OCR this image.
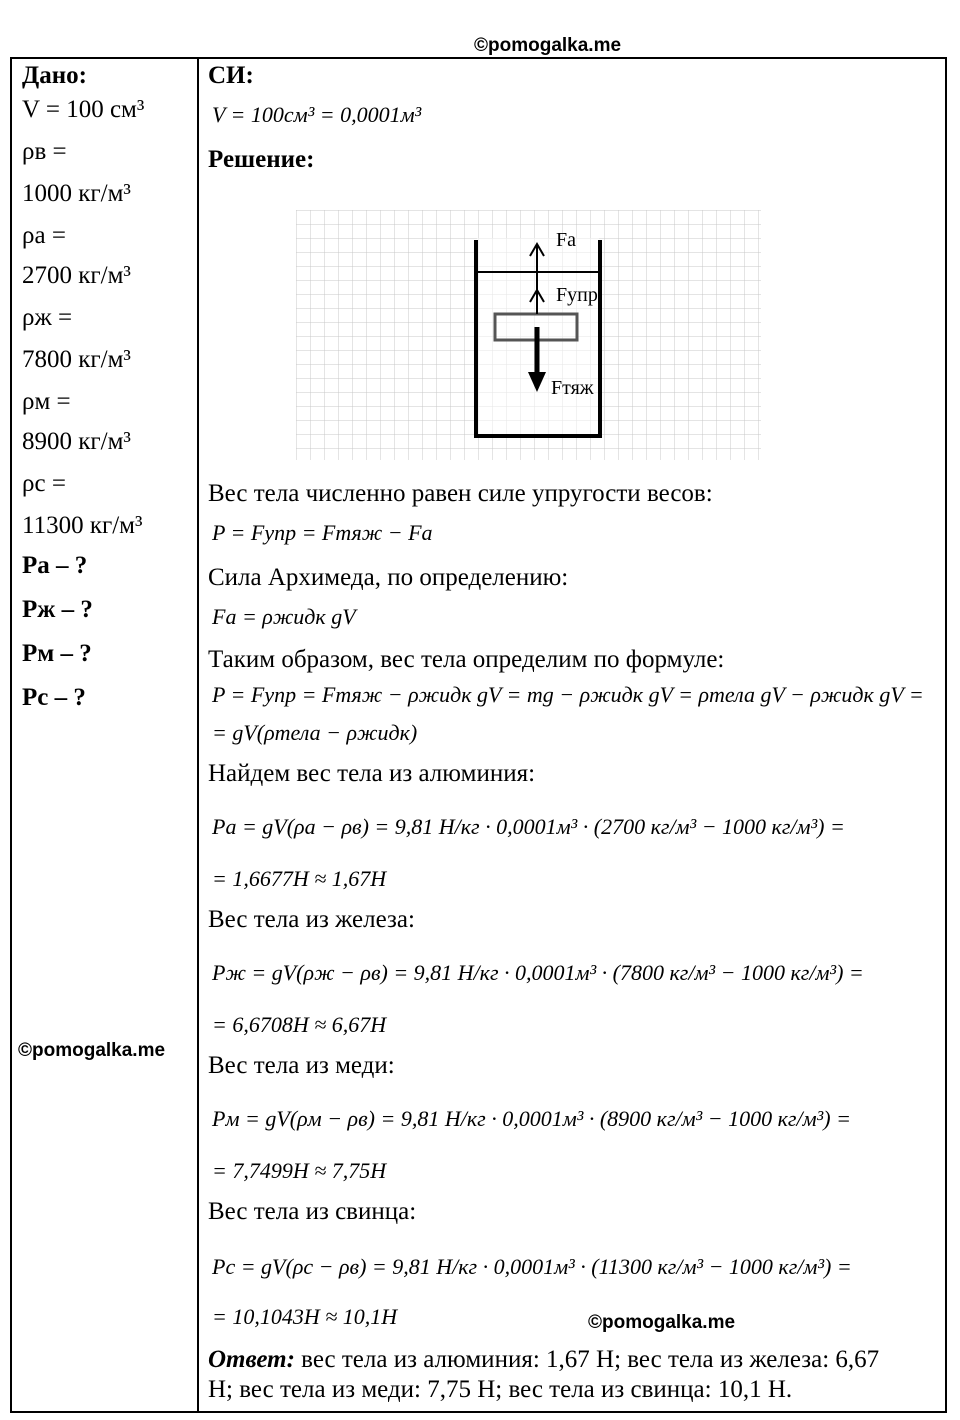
©pomogalka.me
©pomogalka.me
©pomogalka.me
Дано:
V = 100 см³
ρв =
1000 кг/м³
ρа =
2700 кг/м³
ρж =
7800 кг/м³
ρм =
8900 кг/м³
ρс =
11300 кг/м³
Pа – ?
Pж – ?
Pм – ?
Pс – ?
СИ:
V = 100см³ = 0,0001м³
Решение:
Fа
Fупр
Fтяж
Вес тела численно равен силе упругости весов:
P = Fупр = Fтяж − Fа
Сила Архимеда, по определению:
Fа = ρжидк gV
Таким образом, вес тела определим по формуле:
P = Fупр = Fтяж − ρжидк gV = mg − ρжидк gV = ρтела gV − ρжидк gV =
= gV(ρтела − ρжидк)
Найдем вес тела из алюминия:
Pа = gV(ρа − ρв) = 9,81 Н/кг · 0,0001м³ · (2700 кг/м³ − 1000 кг/м³) =
= 1,6677Н ≈ 1,67Н
Вес тела из железа:
Pж = gV(ρж − ρв) = 9,81 Н/кг · 0,0001м³ · (7800 кг/м³ − 1000 кг/м³) =
= 6,6708Н ≈ 6,67Н
Вес тела из меди:
Pм = gV(ρм − ρв) = 9,81 Н/кг · 0,0001м³ · (8900 кг/м³ − 1000 кг/м³) =
= 7,7499Н ≈ 7,75Н
Вес тела из свинца:
Pс = gV(ρс − ρв) = 9,81 Н/кг · 0,0001м³ · (11300 кг/м³ − 1000 кг/м³) =
= 10,1043Н ≈ 10,1Н
Ответ: вес тела из алюминия: 1,67 Н; вес тела из железа: 6,67
Н; вес тела из меди: 7,75 Н; вес тела из свинца: 10,1 Н.
